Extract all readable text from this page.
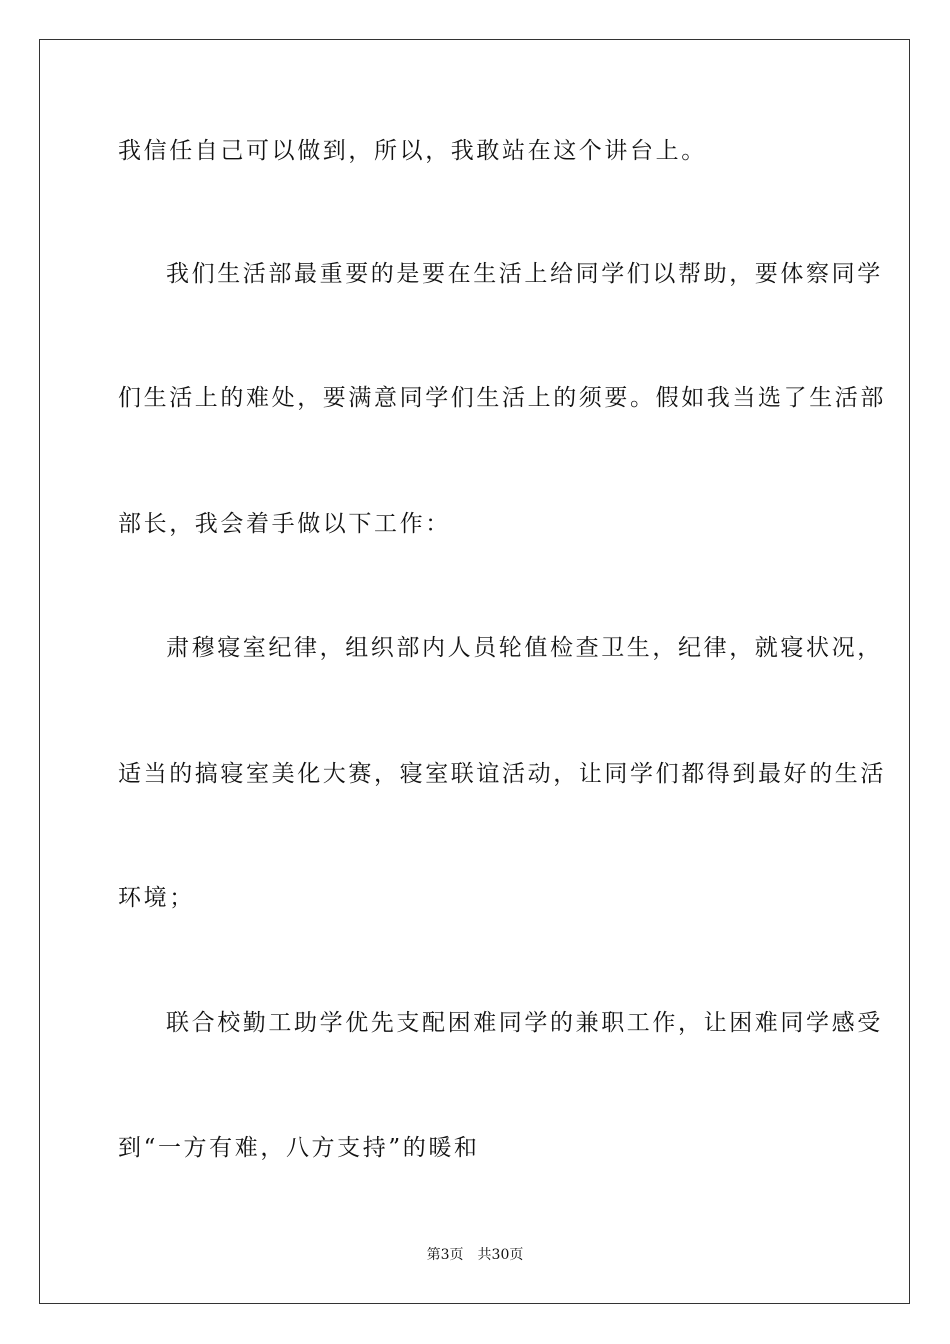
我信任自己可以做到，所以，我敢站在这个讲台上。
我们生活部最重要的是要在生活上给同学们以帮助，要体察同学
们生活上的难处，要满意同学们生活上的须要。假如我当选了生活部
部长，我会着手做以下工作：
肃穆寝室纪律，组织部内人员轮值检查卫生，纪律，就寝状况，
适当的搞寝室美化大赛，寝室联谊活动，让同学们都得到最好的生活
环境；
联合校勤工助学优先支配困难同学的兼职工作，让困难同学感受
到“一方有难，八方支持”的暖和
第3页 共30页
